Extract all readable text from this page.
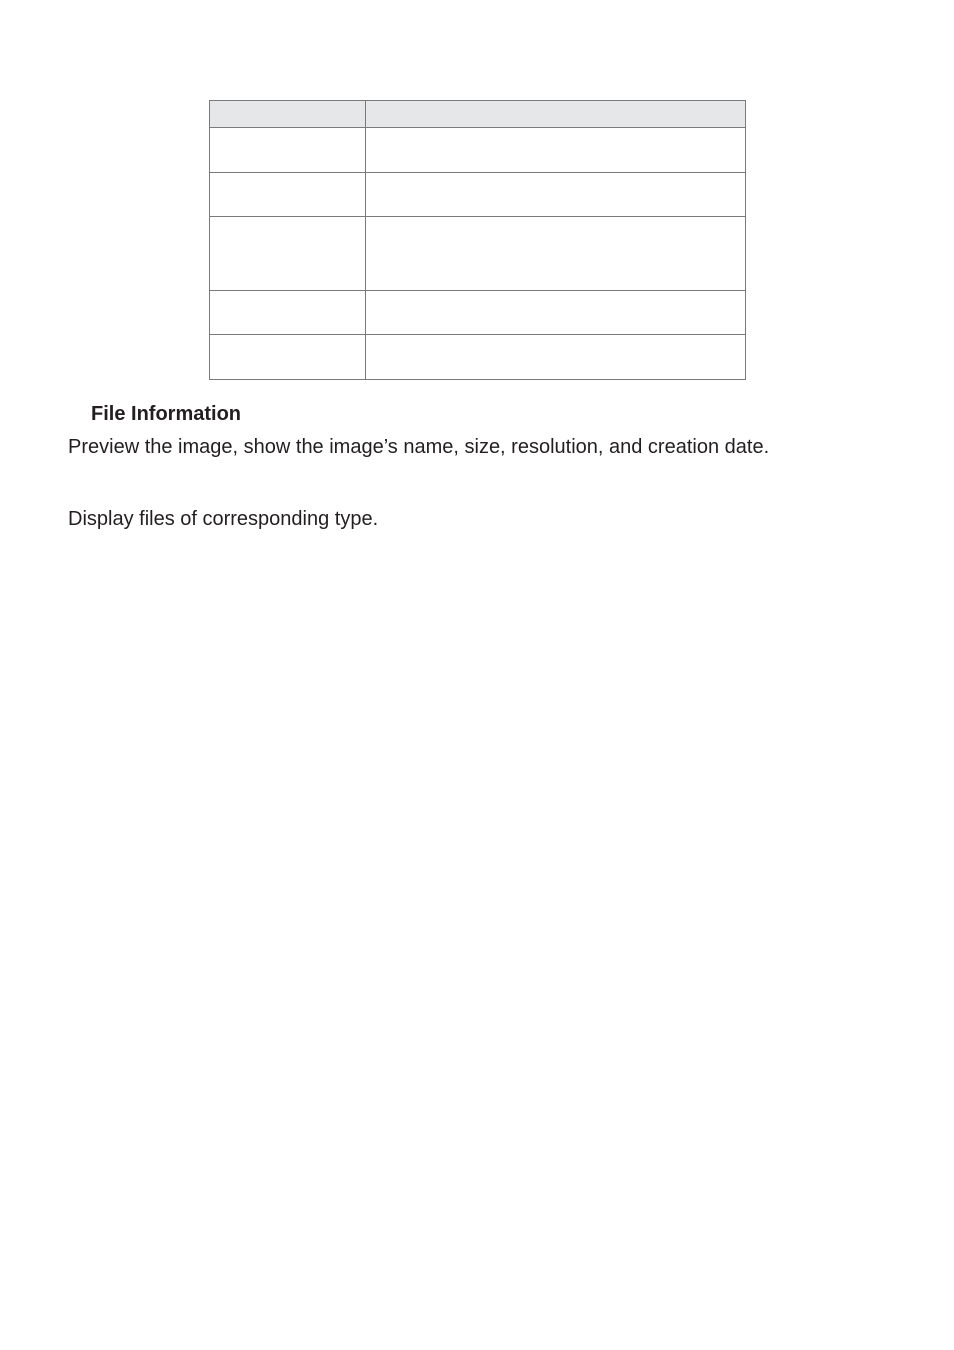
File Information

Preview the image, show the image’s name, size, resolution, and creation date.

Display files of corresponding type.
